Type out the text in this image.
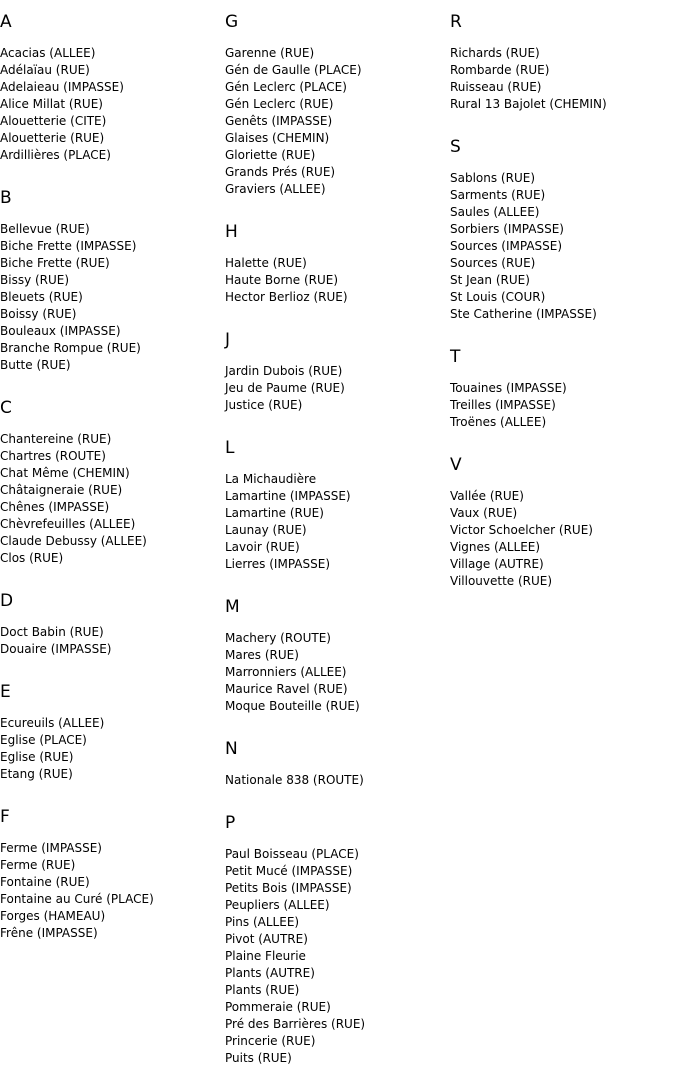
A
Acacias (ALLEE)
Adélaïau (RUE)
Adelaieau (IMPASSE)
Alice Millat (RUE)
Alouetterie (CITE)
Alouetterie (RUE)
Ardillières (PLACE)
B
Bellevue (RUE)
Biche Frette (IMPASSE)
Biche Frette (RUE)
Bissy (RUE)
Bleuets (RUE)
Boissy (RUE)
Bouleaux (IMPASSE)
Branche Rompue (RUE)
Butte (RUE)
C
Chantereine (RUE)
Chartres (ROUTE)
Chat Même (CHEMIN)
Châtaigneraie (RUE)
Chênes (IMPASSE)
Chèvrefeuilles (ALLEE)
Claude Debussy (ALLEE)
Clos (RUE)
D
Doct Babin (RUE)
Douaire (IMPASSE)
E
Ecureuils (ALLEE)
Eglise (PLACE)
Eglise (RUE)
Etang (RUE)
F
Ferme (IMPASSE)
Ferme (RUE)
Fontaine (RUE)
Fontaine au Curé (PLACE)
Forges (HAMEAU)
Frêne (IMPASSE)
G
Garenne (RUE)
Gén de Gaulle (PLACE)
Gén Leclerc (PLACE)
Gén Leclerc (RUE)
Genêts (IMPASSE)
Glaises (CHEMIN)
Gloriette (RUE)
Grands Prés (RUE)
Graviers (ALLEE)
H
Halette (RUE)
Haute Borne (RUE)
Hector Berlioz (RUE)
J
Jardin Dubois (RUE)
Jeu de Paume (RUE)
Justice (RUE)
L
La Michaudière
Lamartine (IMPASSE)
Lamartine (RUE)
Launay (RUE)
Lavoir (RUE)
Lierres (IMPASSE)
M
Machery (ROUTE)
Mares (RUE)
Marronniers (ALLEE)
Maurice Ravel (RUE)
Moque Bouteille (RUE)
N
Nationale 838 (ROUTE)
P
Paul Boisseau (PLACE)
Petit Mucé (IMPASSE)
Petits Bois (IMPASSE)
Peupliers (ALLEE)
Pins (ALLEE)
Pivot (AUTRE)
Plaine Fleurie
Plants (AUTRE)
Plants (RUE)
Pommeraie (RUE)
Pré des Barrières (RUE)
Princerie (RUE)
Puits (RUE)
R
Richards (RUE)
Rombarde (RUE)
Ruisseau (RUE)
Rural 13 Bajolet (CHEMIN)
S
Sablons (RUE)
Sarments (RUE)
Saules (ALLEE)
Sorbiers (IMPASSE)
Sources (IMPASSE)
Sources (RUE)
St Jean (RUE)
St Louis (COUR)
Ste Catherine (IMPASSE)
T
Touaines (IMPASSE)
Treilles (IMPASSE)
Troënes (ALLEE)
V
Vallée (RUE)
Vaux (RUE)
Victor Schoelcher (RUE)
Vignes (ALLEE)
Village (AUTRE)
Villouvette (RUE)
